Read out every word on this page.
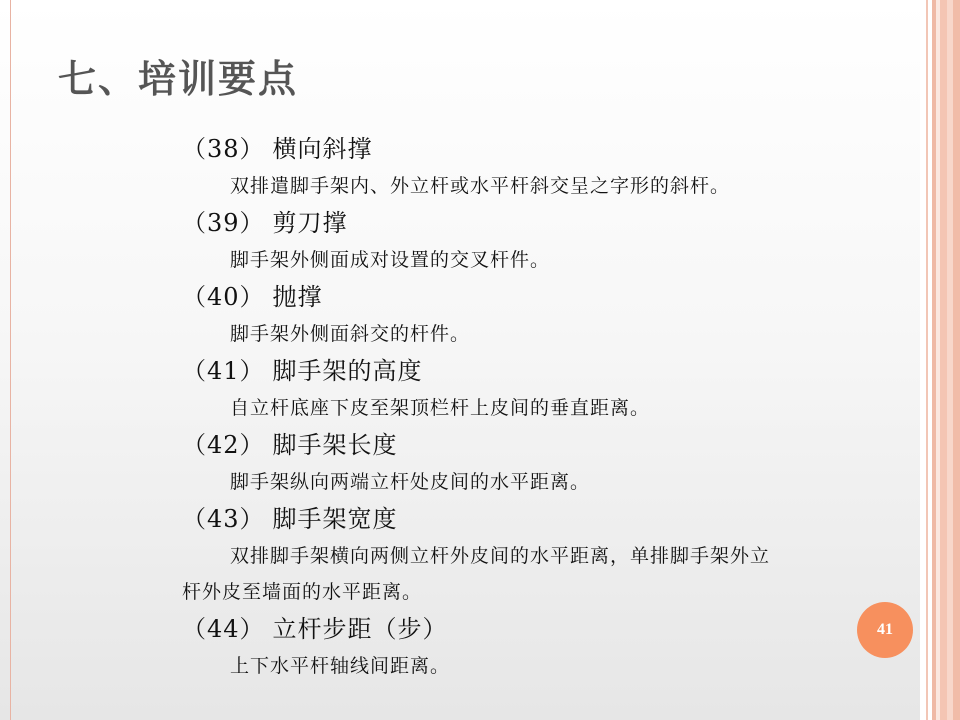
七、培训要点
（38） 横向斜撑
双排遣脚手架内、外立杆或水平杆斜交呈之字形的斜杆。
（39） 剪刀撑
脚手架外侧面成对设置的交叉杆件。
（40） 抛撑
脚手架外侧面斜交的杆件。
（41） 脚手架的高度
自立杆底座下皮至架顶栏杆上皮间的垂直距离。
（42） 脚手架长度
脚手架纵向两端立杆处皮间的水平距离。
（43） 脚手架宽度
双排脚手架横向两侧立杆外皮间的水平距离，单排脚手架外立杆外皮至墙面的水平距离。
（44） 立杆步距（步）
上下水平杆轴线间距离。
41
